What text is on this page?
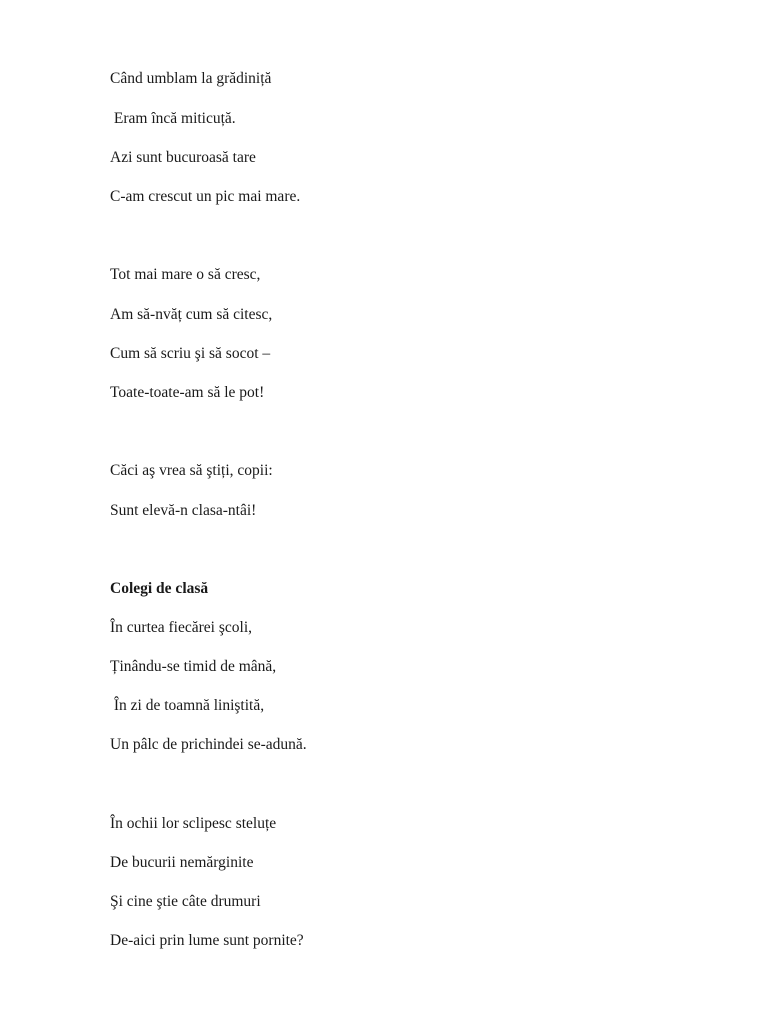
Când umblam la grădiniță
Eram încă miticuță.
Azi sunt bucuroasă tare
C-am crescut un pic mai mare.
Tot mai mare o să cresc,
Am să-nvăț cum să citesc,
Cum să scriu şi să socot –
Toate-toate-am să le pot!
Căci aş vrea să ştiți, copii:
Sunt elevă-n clasa-ntâi!
Colegi de clasă
În curtea fiecărei şcoli,
Ținându-se timid de mână,
În zi de toamnă liniştită,
Un pâlc de prichindei se-adună.
În ochii lor sclipesc steluțe
De bucurii nemărginite
Şi cine ştie câte drumuri
De-aici prin lume sunt pornite?
